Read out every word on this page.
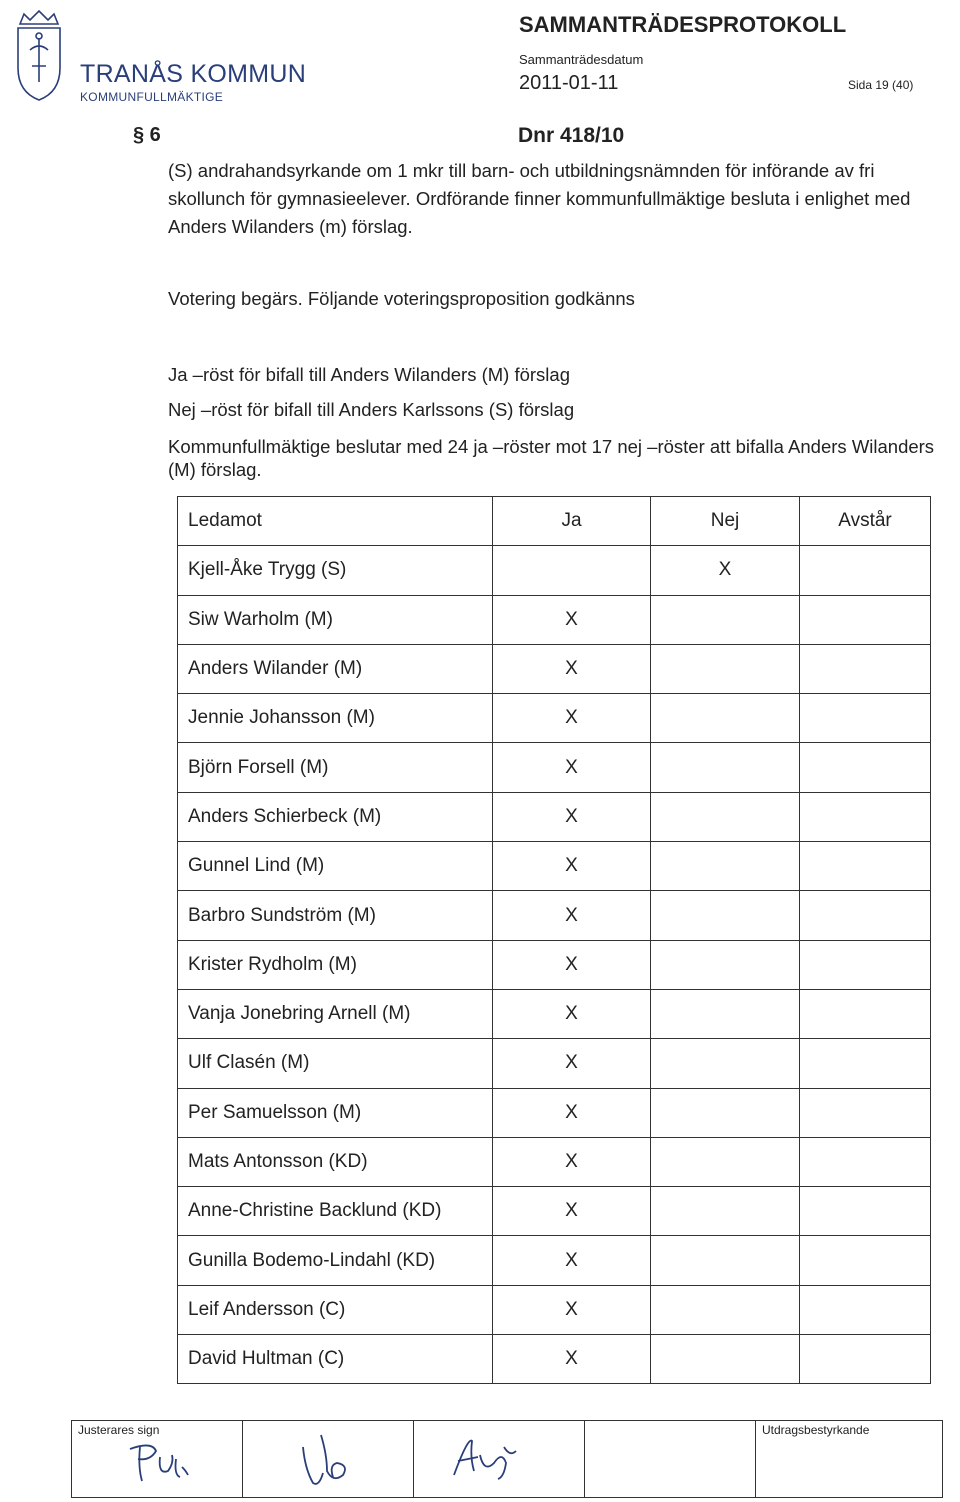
TRANÅS KOMMUN
KOMMUNFULLMÄKTIGE
SAMMANTRÄDESPROTOKOLL
Sammanträdesdatum
2011-01-11	Sida 19 (40)
§ 6	Dnr 418/10
(S) andrahandsyrkande om 1 mkr till barn- och utbildningsnämnden för införande av fri
skollunch för gymnasieelever. Ordförande finner kommunfullmäktige besluta i enlighet med
Anders Wilanders (m) förslag.
Votering begärs. Följande voteringsproposition godkänns
Ja –röst för bifall till Anders Wilanders (M) förslag
Nej –röst för bifall till Anders Karlssons (S) förslag
Kommunfullmäktige beslutar med 24 ja –röster mot 17 nej –röster att bifalla Anders Wilanders
(M) förslag.
Ledamot	Ja	Nej	Avstår
Kjell-Åke Trygg (S)		X	
Siw Warholm (M)	X		
Anders Wilander (M)	X		
Jennie Johansson (M)	X		
Björn Forsell (M)	X		
Anders Schierbeck (M)	X		
Gunnel Lind (M)	X		
Barbro Sundström (M)	X		
Krister Rydholm (M)	X		
Vanja Jonebring Arnell (M)	X		
Ulf Clasén (M)	X		
Per Samuelsson (M)	X		
Mats Antonsson (KD)	X		
Anne-Christine Backlund (KD)	X		
Gunilla Bodemo-Lindahl (KD)	X		
Leif Andersson (C)	X		
David Hultman (C)	X		
Justerares sign				Utdragsbestyrkande
